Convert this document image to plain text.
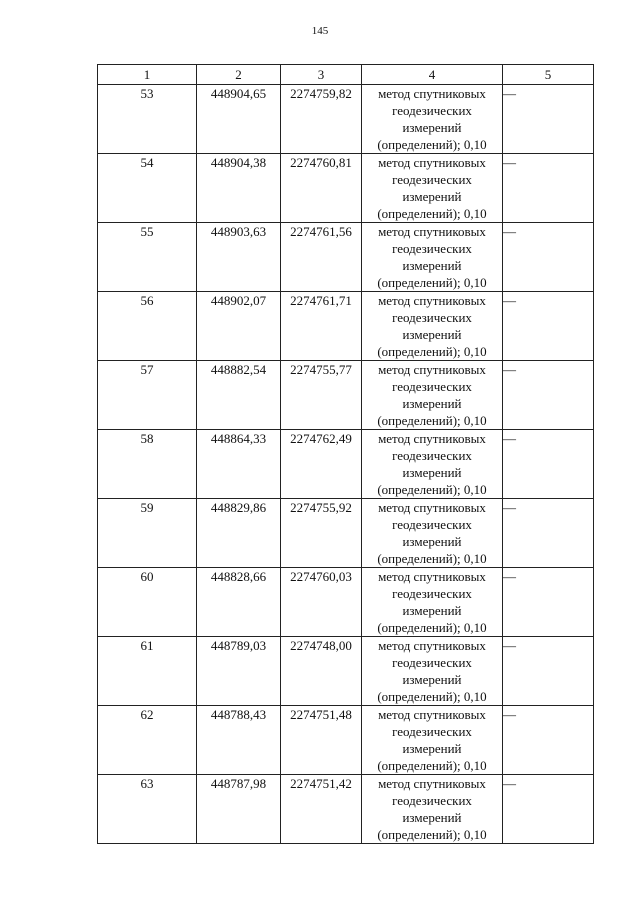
145
1	2	3	4	5
53	448904,65	2274759,82	метод спутниковых
геодезических
измерений
(определений); 0,10	—
54	448904,38	2274760,81	метод спутниковых
геодезических
измерений
(определений); 0,10	—
55	448903,63	2274761,56	метод спутниковых
геодезических
измерений
(определений); 0,10	—
56	448902,07	2274761,71	метод спутниковых
геодезических
измерений
(определений); 0,10	—
57	448882,54	2274755,77	метод спутниковых
геодезических
измерений
(определений); 0,10	—
58	448864,33	2274762,49	метод спутниковых
геодезических
измерений
(определений); 0,10	—
59	448829,86	2274755,92	метод спутниковых
геодезических
измерений
(определений); 0,10	—
60	448828,66	2274760,03	метод спутниковых
геодезических
измерений
(определений); 0,10	—
61	448789,03	2274748,00	метод спутниковых
геодезических
измерений
(определений); 0,10	—
62	448788,43	2274751,48	метод спутниковых
геодезических
измерений
(определений); 0,10	—
63	448787,98	2274751,42	метод спутниковых
геодезических
измерений
(определений); 0,10	—
